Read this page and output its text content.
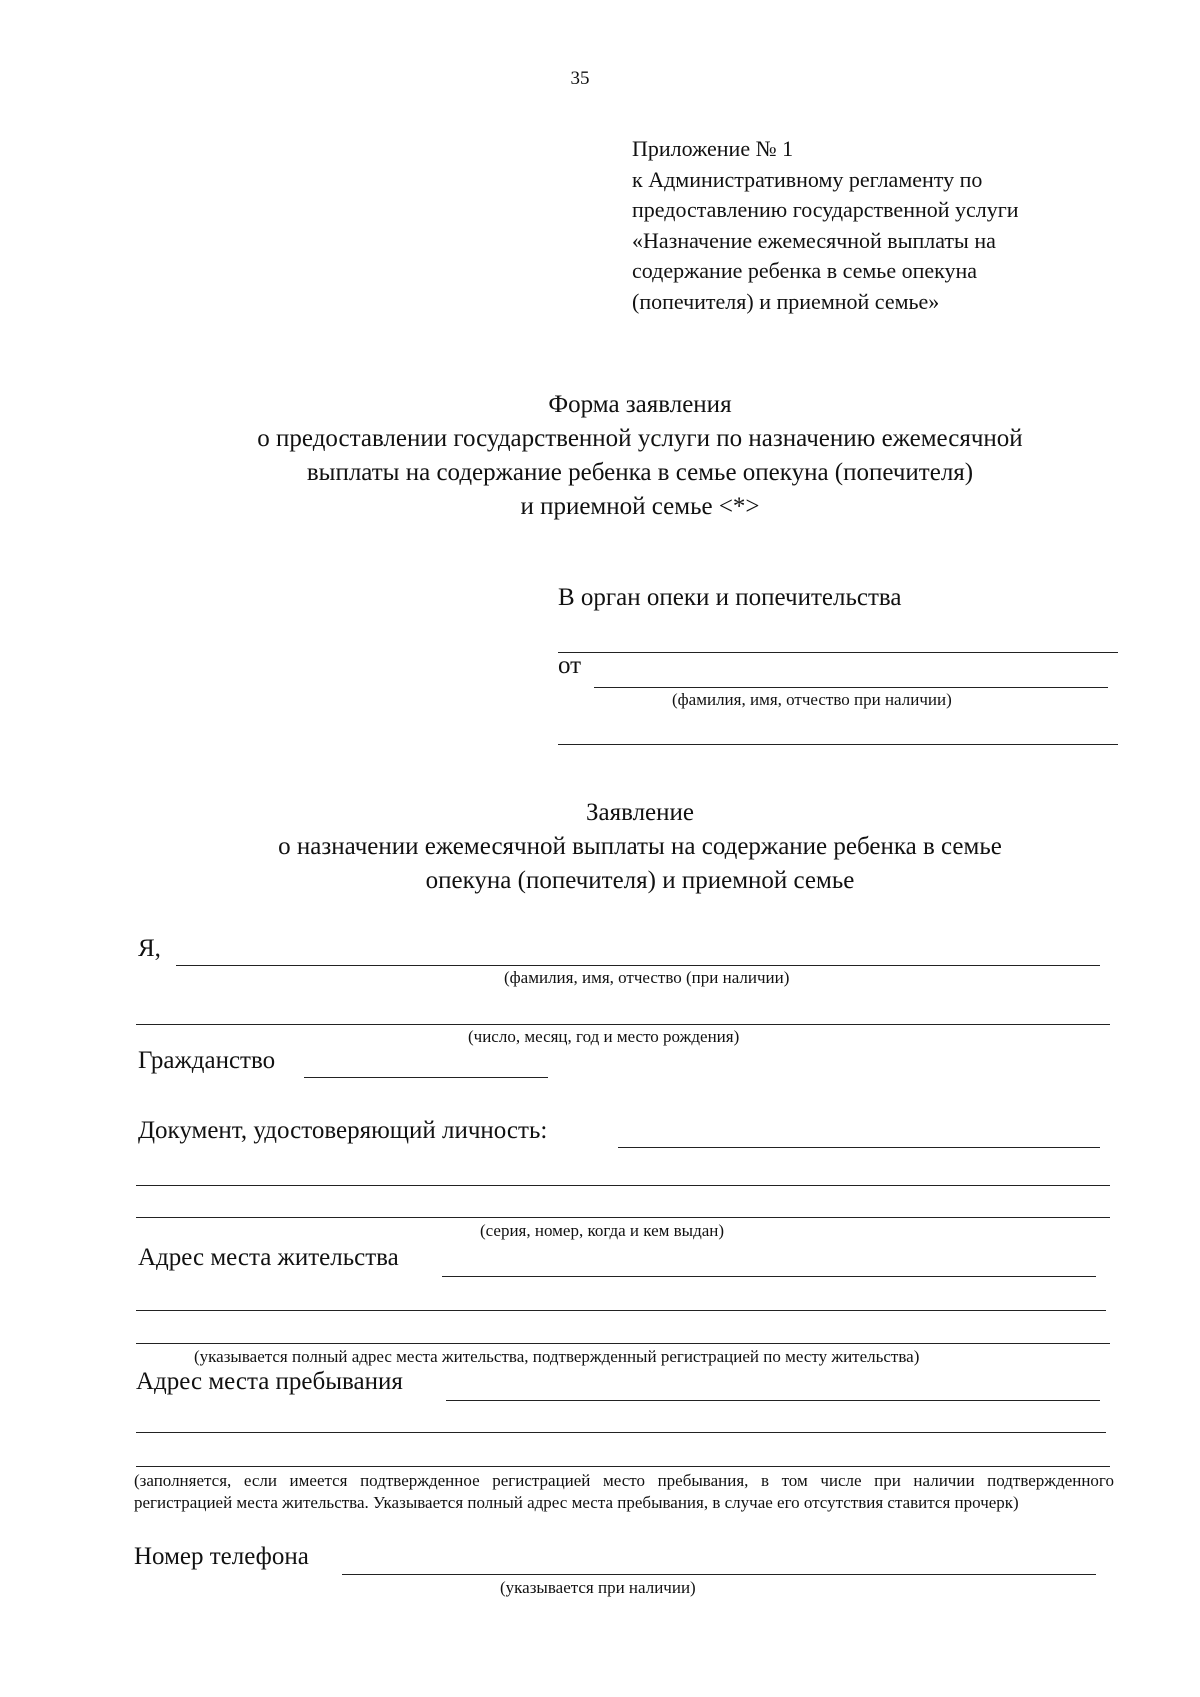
35
Приложение № 1
к Административному регламенту по
предоставлению государственной услуги
«Назначение ежемесячной выплаты на
содержание ребенка в семье опекуна
(попечителя) и приемной семье»
Форма заявления
о предоставлении государственной услуги по назначению ежемесячной
выплаты на содержание ребенка в семье опекуна (попечителя)
и приемной семье <*>
В орган опеки и попечительства
от
(фамилия, имя, отчество при наличии)
Заявление
о назначении ежемесячной выплаты на содержание ребенка в семье
опекуна (попечителя) и приемной семье
Я,
(фамилия, имя, отчество (при наличии)
(число, месяц, год и место рождения)
Гражданство
Документ, удостоверяющий личность:
(серия, номер, когда и кем выдан)
Адрес места жительства
(указывается полный адрес места жительства, подтвержденный регистрацией по месту жительства)
Адрес места пребывания
(заполняется, если имеется подтвержденное регистрацией место пребывания, в том числе при наличии подтвержденного регистрацией места жительства. Указывается полный адрес места пребывания, в случае его отсутствия ставится прочерк)
Номер телефона
(указывается при наличии)
